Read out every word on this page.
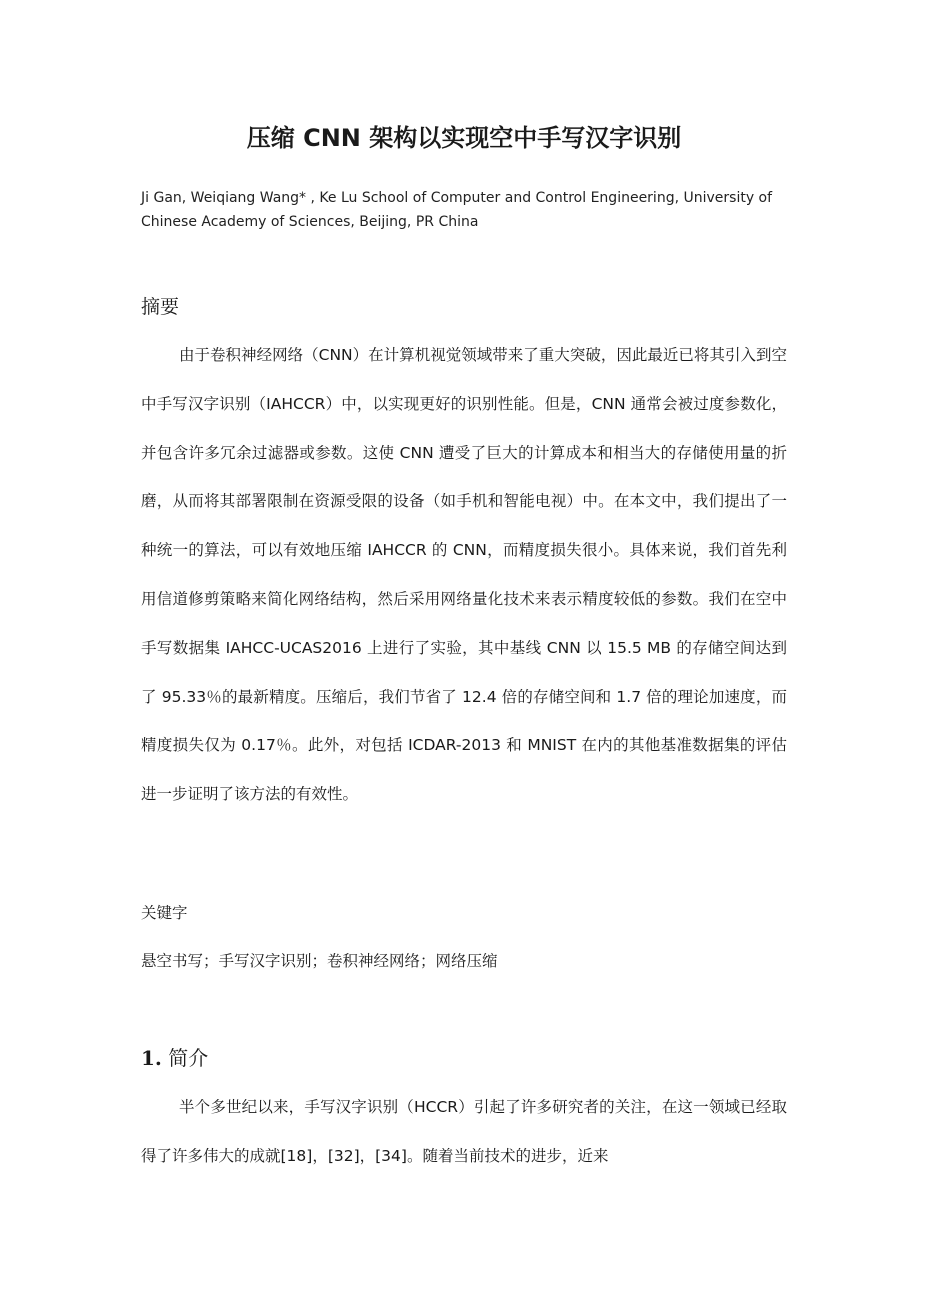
压缩 CNN 架构以实现空中手写汉字识别
Ji Gan, Weiqiang Wang* , Ke Lu School of Computer and Control Engineering, University of Chinese Academy of Sciences, Beijing, PR China
摘要
由于卷积神经网络（CNN）在计算机视觉领域带来了重大突破，因此最近已将其引入到空中手写汉字识别（IAHCCR）中，以实现更好的识别性能。但是，CNN 通常会被过度参数化，并包含许多冗余过滤器或参数。这使 CNN 遭受了巨大的计算成本和相当大的存储使用量的折磨，从而将其部署限制在资源受限的设备（如手机和智能电视）中。在本文中，我们提出了一种统一的算法，可以有效地压缩 IAHCCR 的 CNN，而精度损失很小。具体来说，我们首先利用信道修剪策略来简化网络结构，然后采用网络量化技术来表示精度较低的参数。我们在空中手写数据集 IAHCC-UCAS2016 上进行了实验，其中基线 CNN 以 15.5 MB 的存储空间达到了 95.33％的最新精度。压缩后，我们节省了 12.4 倍的存储空间和 1.7 倍的理论加速度，而精度损失仅为 0.17％。此外，对包括 ICDAR-2013 和 MNIST 在内的其他基准数据集的评估进一步证明了该方法的有效性。
关键字
悬空书写；手写汉字识别；卷积神经网络；网络压缩
1. 简介
半个多世纪以来，手写汉字识别（HCCR）引起了许多研究者的关注，在这一领域已经取得了许多伟大的成就[18]，[32]，[34]。随着当前技术的进步，近来
